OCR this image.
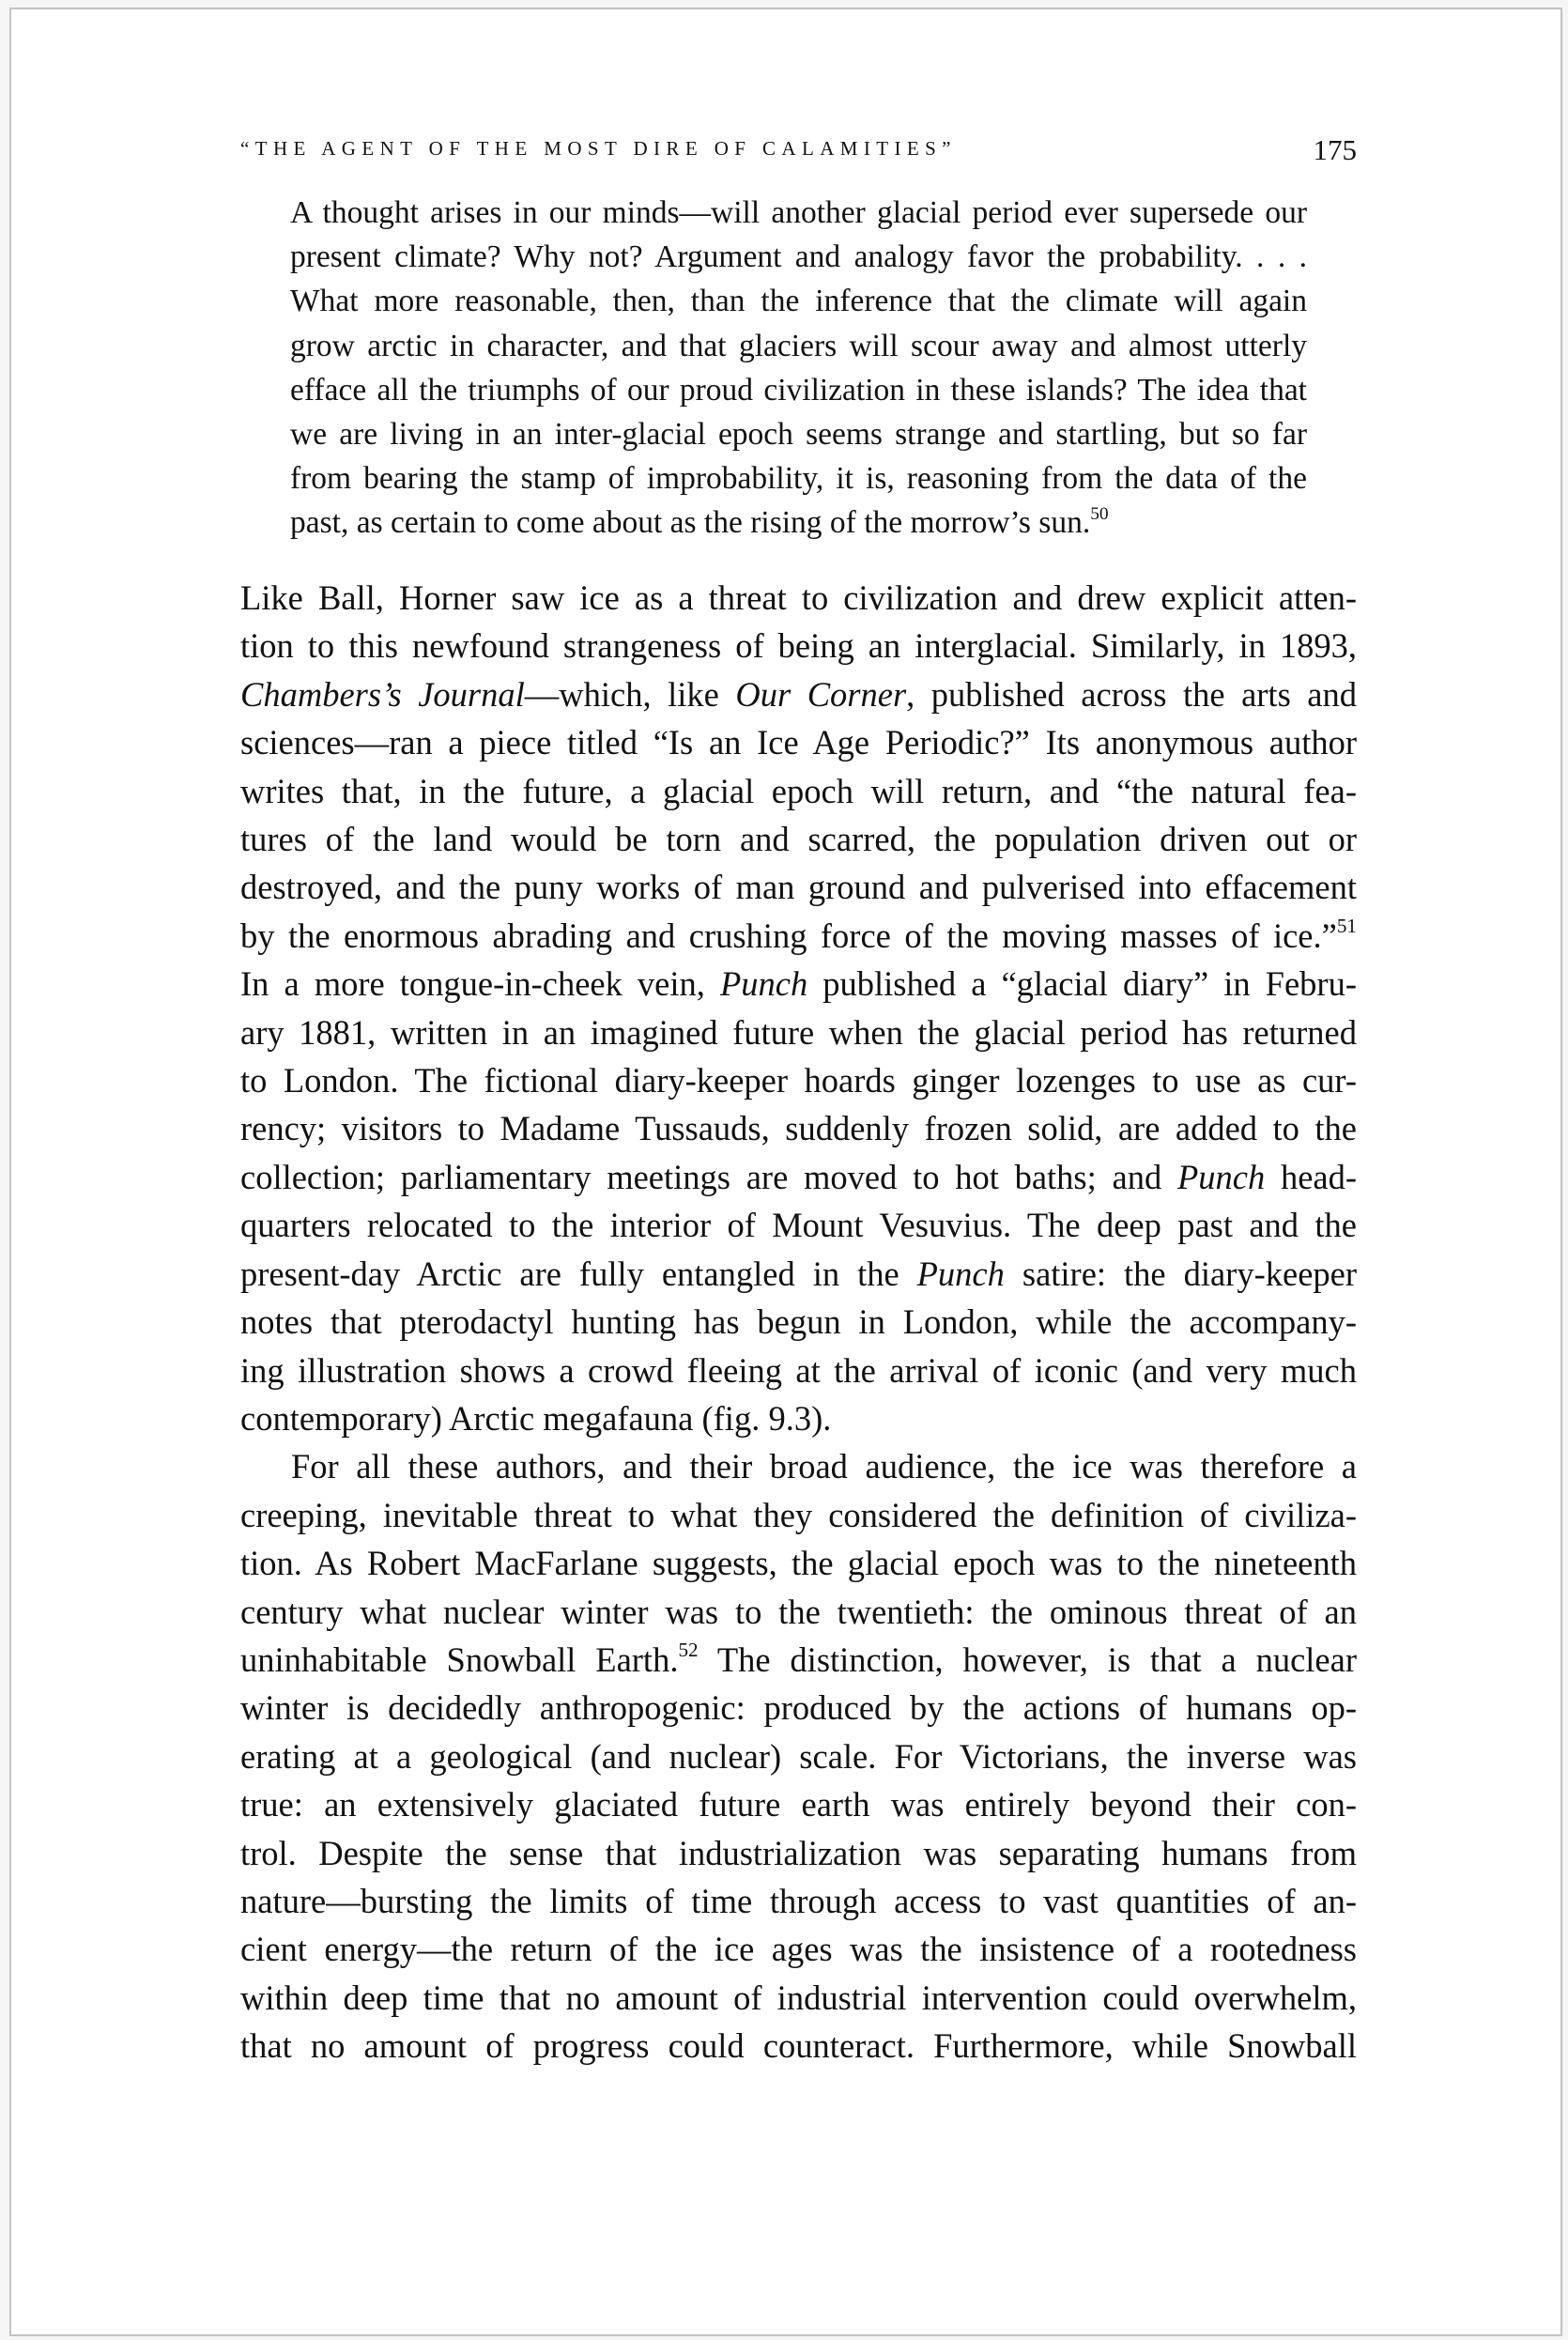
“THE AGENT OF THE MOST DIRE OF CALAMITIES”	175
A thought arises in our minds—will another glacial period ever supersede our
present climate? Why not? Argument and analogy favor the probability. . . .
What more reasonable, then, than the inference that the climate will again
grow arctic in character, and that glaciers will scour away and almost utterly
efface all the triumphs of our proud civilization in these islands? The idea that
we are living in an inter-glacial epoch seems strange and startling, but so far
from bearing the stamp of improbability, it is, reasoning from the data of the
past, as certain to come about as the rising of the morrow’s sun.$^{50}$
Like Ball, Horner saw ice as a threat to civilization and drew explicit atten-
tion to this newfound strangeness of being an interglacial. Similarly, in 1893,
Chambers’s Journal—which, like Our Corner, published across the arts and
sciences—ran a piece titled “Is an Ice Age Periodic?” Its anonymous author
writes that, in the future, a glacial epoch will return, and “the natural fea-
tures of the land would be torn and scarred, the population driven out or
destroyed, and the puny works of man ground and pulverised into effacement
by the enormous abrading and crushing force of the moving masses of ice.”$^{51}$
In a more tongue-in-cheek vein, Punch published a “glacial diary” in Febru-
ary 1881, written in an imagined future when the glacial period has returned
to London. The fictional diary-keeper hoards ginger lozenges to use as cur-
rency; visitors to Madame Tussauds, suddenly frozen solid, are added to the
collection; parliamentary meetings are moved to hot baths; and Punch head-
quarters relocated to the interior of Mount Vesuvius. The deep past and the
present-day Arctic are fully entangled in the Punch satire: the diary-keeper
notes that pterodactyl hunting has begun in London, while the accompany-
ing illustration shows a crowd fleeing at the arrival of iconic (and very much
contemporary) Arctic megafauna (fig. 9.3).
For all these authors, and their broad audience, the ice was therefore a
creeping, inevitable threat to what they considered the definition of civiliza-
tion. As Robert MacFarlane suggests, the glacial epoch was to the nineteenth
century what nuclear winter was to the twentieth: the ominous threat of an
uninhabitable Snowball Earth.$^{52}$ The distinction, however, is that a nuclear
winter is decidedly anthropogenic: produced by the actions of humans op-
erating at a geological (and nuclear) scale. For Victorians, the inverse was
true: an extensively glaciated future earth was entirely beyond their con-
trol. Despite the sense that industrialization was separating humans from
nature—bursting the limits of time through access to vast quantities of an-
cient energy—the return of the ice ages was the insistence of a rootedness
within deep time that no amount of industrial intervention could overwhelm,
that no amount of progress could counteract. Furthermore, while Snowball
